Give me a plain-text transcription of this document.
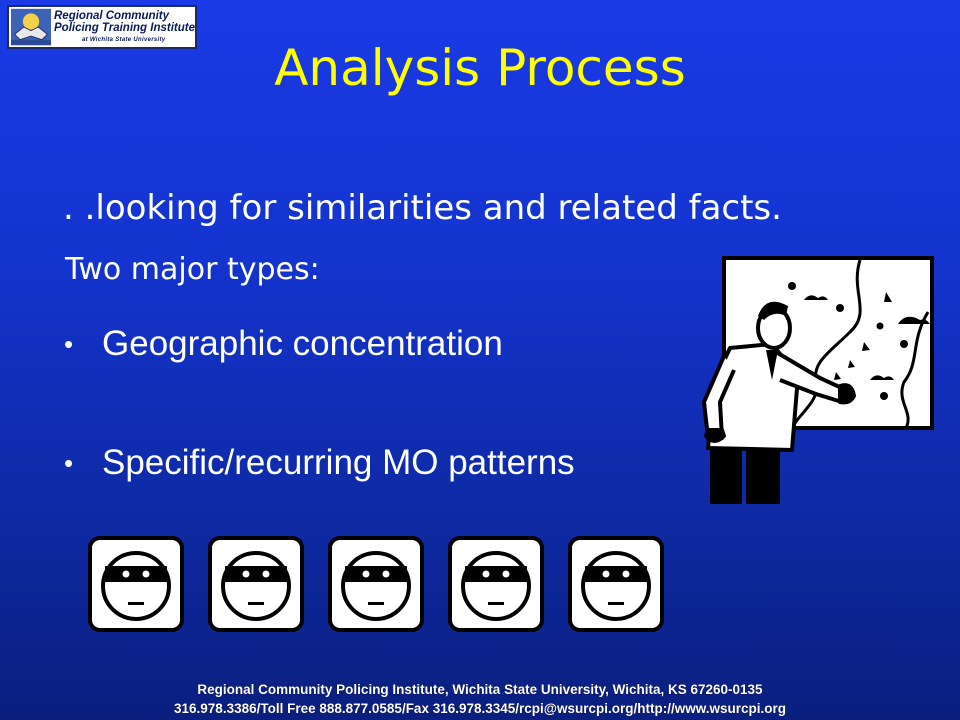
Regional Community
Policing Training Institute
at Wichita State University	Analysis Process
. .looking for similarities and related facts.
Two major types:
• Geographic concentration
• Specific/recurring MO patterns
Regional Community Policing Institute, Wichita State University, Wichita, KS 67260-0135
316.978.3386/Toll Free 888.877.0585/Fax 316.978.3345/rcpi@wsurcpi.org/http://www.wsurcpi.org
